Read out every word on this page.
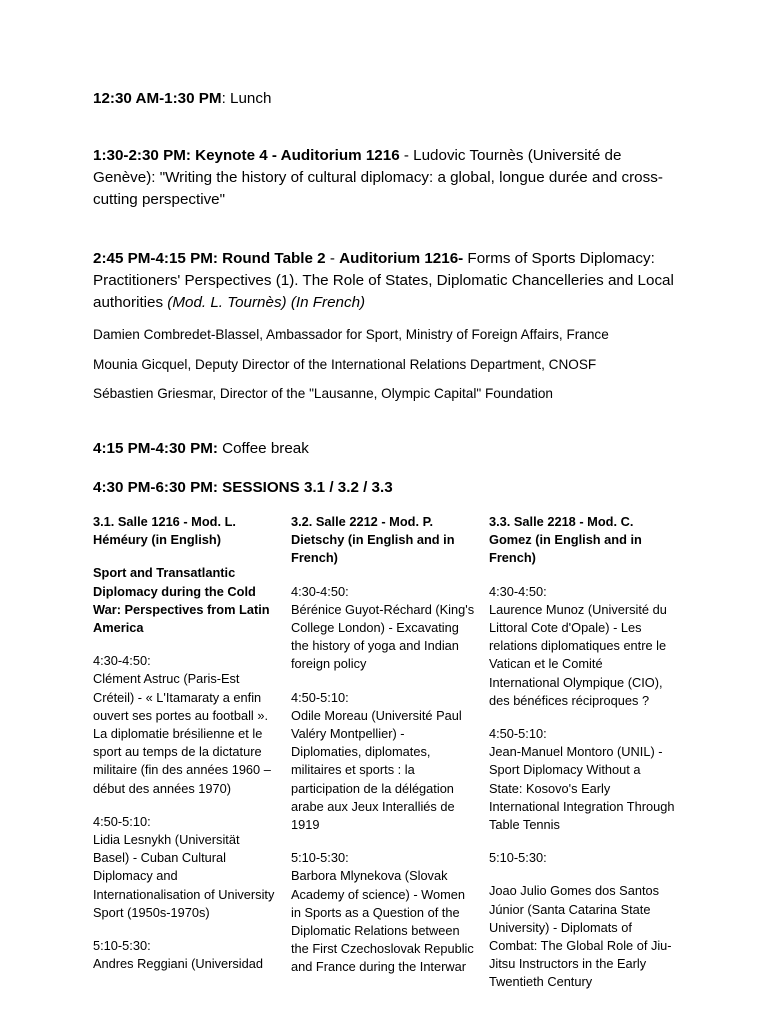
12:30 AM-1:30 PM: Lunch

1:30-2:30 PM: Keynote 4 - Auditorium 1216 - Ludovic Tournès (Université de Genève): "Writing the history of cultural diplomacy: a global, longue durée and cross-cutting perspective"

2:45 PM-4:15 PM: Round Table 2 - Auditorium 1216- Forms of Sports Diplomacy: Practitioners' Perspectives (1). The Role of States, Diplomatic Chancelleries and Local authorities (Mod. L. Tournès) (In French)

Damien Combredet-Blassel, Ambassador for Sport, Ministry of Foreign Affairs, France

Mounia Gicquel, Deputy Director of the International Relations Department, CNOSF

Sébastien Griesmar, Director of the "Lausanne, Olympic Capital" Foundation

4:15 PM-4:30 PM: Coffee break

4:30 PM-6:30 PM: SESSIONS 3.1 / 3.2 / 3.3

3.1. Salle 1216 - Mod. L. Héméury (in English)

Sport and Transatlantic Diplomacy during the Cold War: Perspectives from Latin America

4:30-4:50:

Clément Astruc (Paris-Est Créteil) - « L'Itamaraty a enfin ouvert ses portes au football ». La diplomatie brésilienne et le sport au temps de la dictature militaire (fin des années 1960 – début des années 1970)

4:50-5:10:

Lidia Lesnykh (Universität Basel) - Cuban Cultural Diplomacy and Internationalisation of University Sport (1950s-1970s)

5:10-5:30:

Andres Reggiani (Universidad

3.2. Salle 2212 - Mod. P. Dietschy (in English and in French)

4:30-4:50:

Bérénice Guyot-Réchard (King's College London) - Excavating the history of yoga and Indian foreign policy

4:50-5:10:

Odile Moreau (Université Paul Valéry Montpellier) - Diplomaties, diplomates, militaires et sports : la participation de la délégation arabe aux Jeux Interalliés de 1919

5:10-5:30:

Barbora Mlynekova (Slovak Academy of science) - Women in Sports as a Question of the Diplomatic Relations between the First Czechoslovak Republic and France during the Interwar

3.3. Salle 2218 - Mod. C. Gomez (in English and in French)

4:30-4:50:

Laurence Munoz (Université du Littoral Cote d'Opale) - Les relations diplomatiques entre le Vatican et le Comité International Olympique (CIO), des bénéfices réciproques ?

4:50-5:10:

Jean-Manuel Montoro (UNIL) - Sport Diplomacy Without a State: Kosovo's Early International Integration Through Table Tennis

5:10-5:30:

Joao Julio Gomes dos Santos Júnior (Santa Catarina State University) - Diplomats of Combat: The Global Role of Jiu-Jitsu Instructors in the Early Twentieth Century
